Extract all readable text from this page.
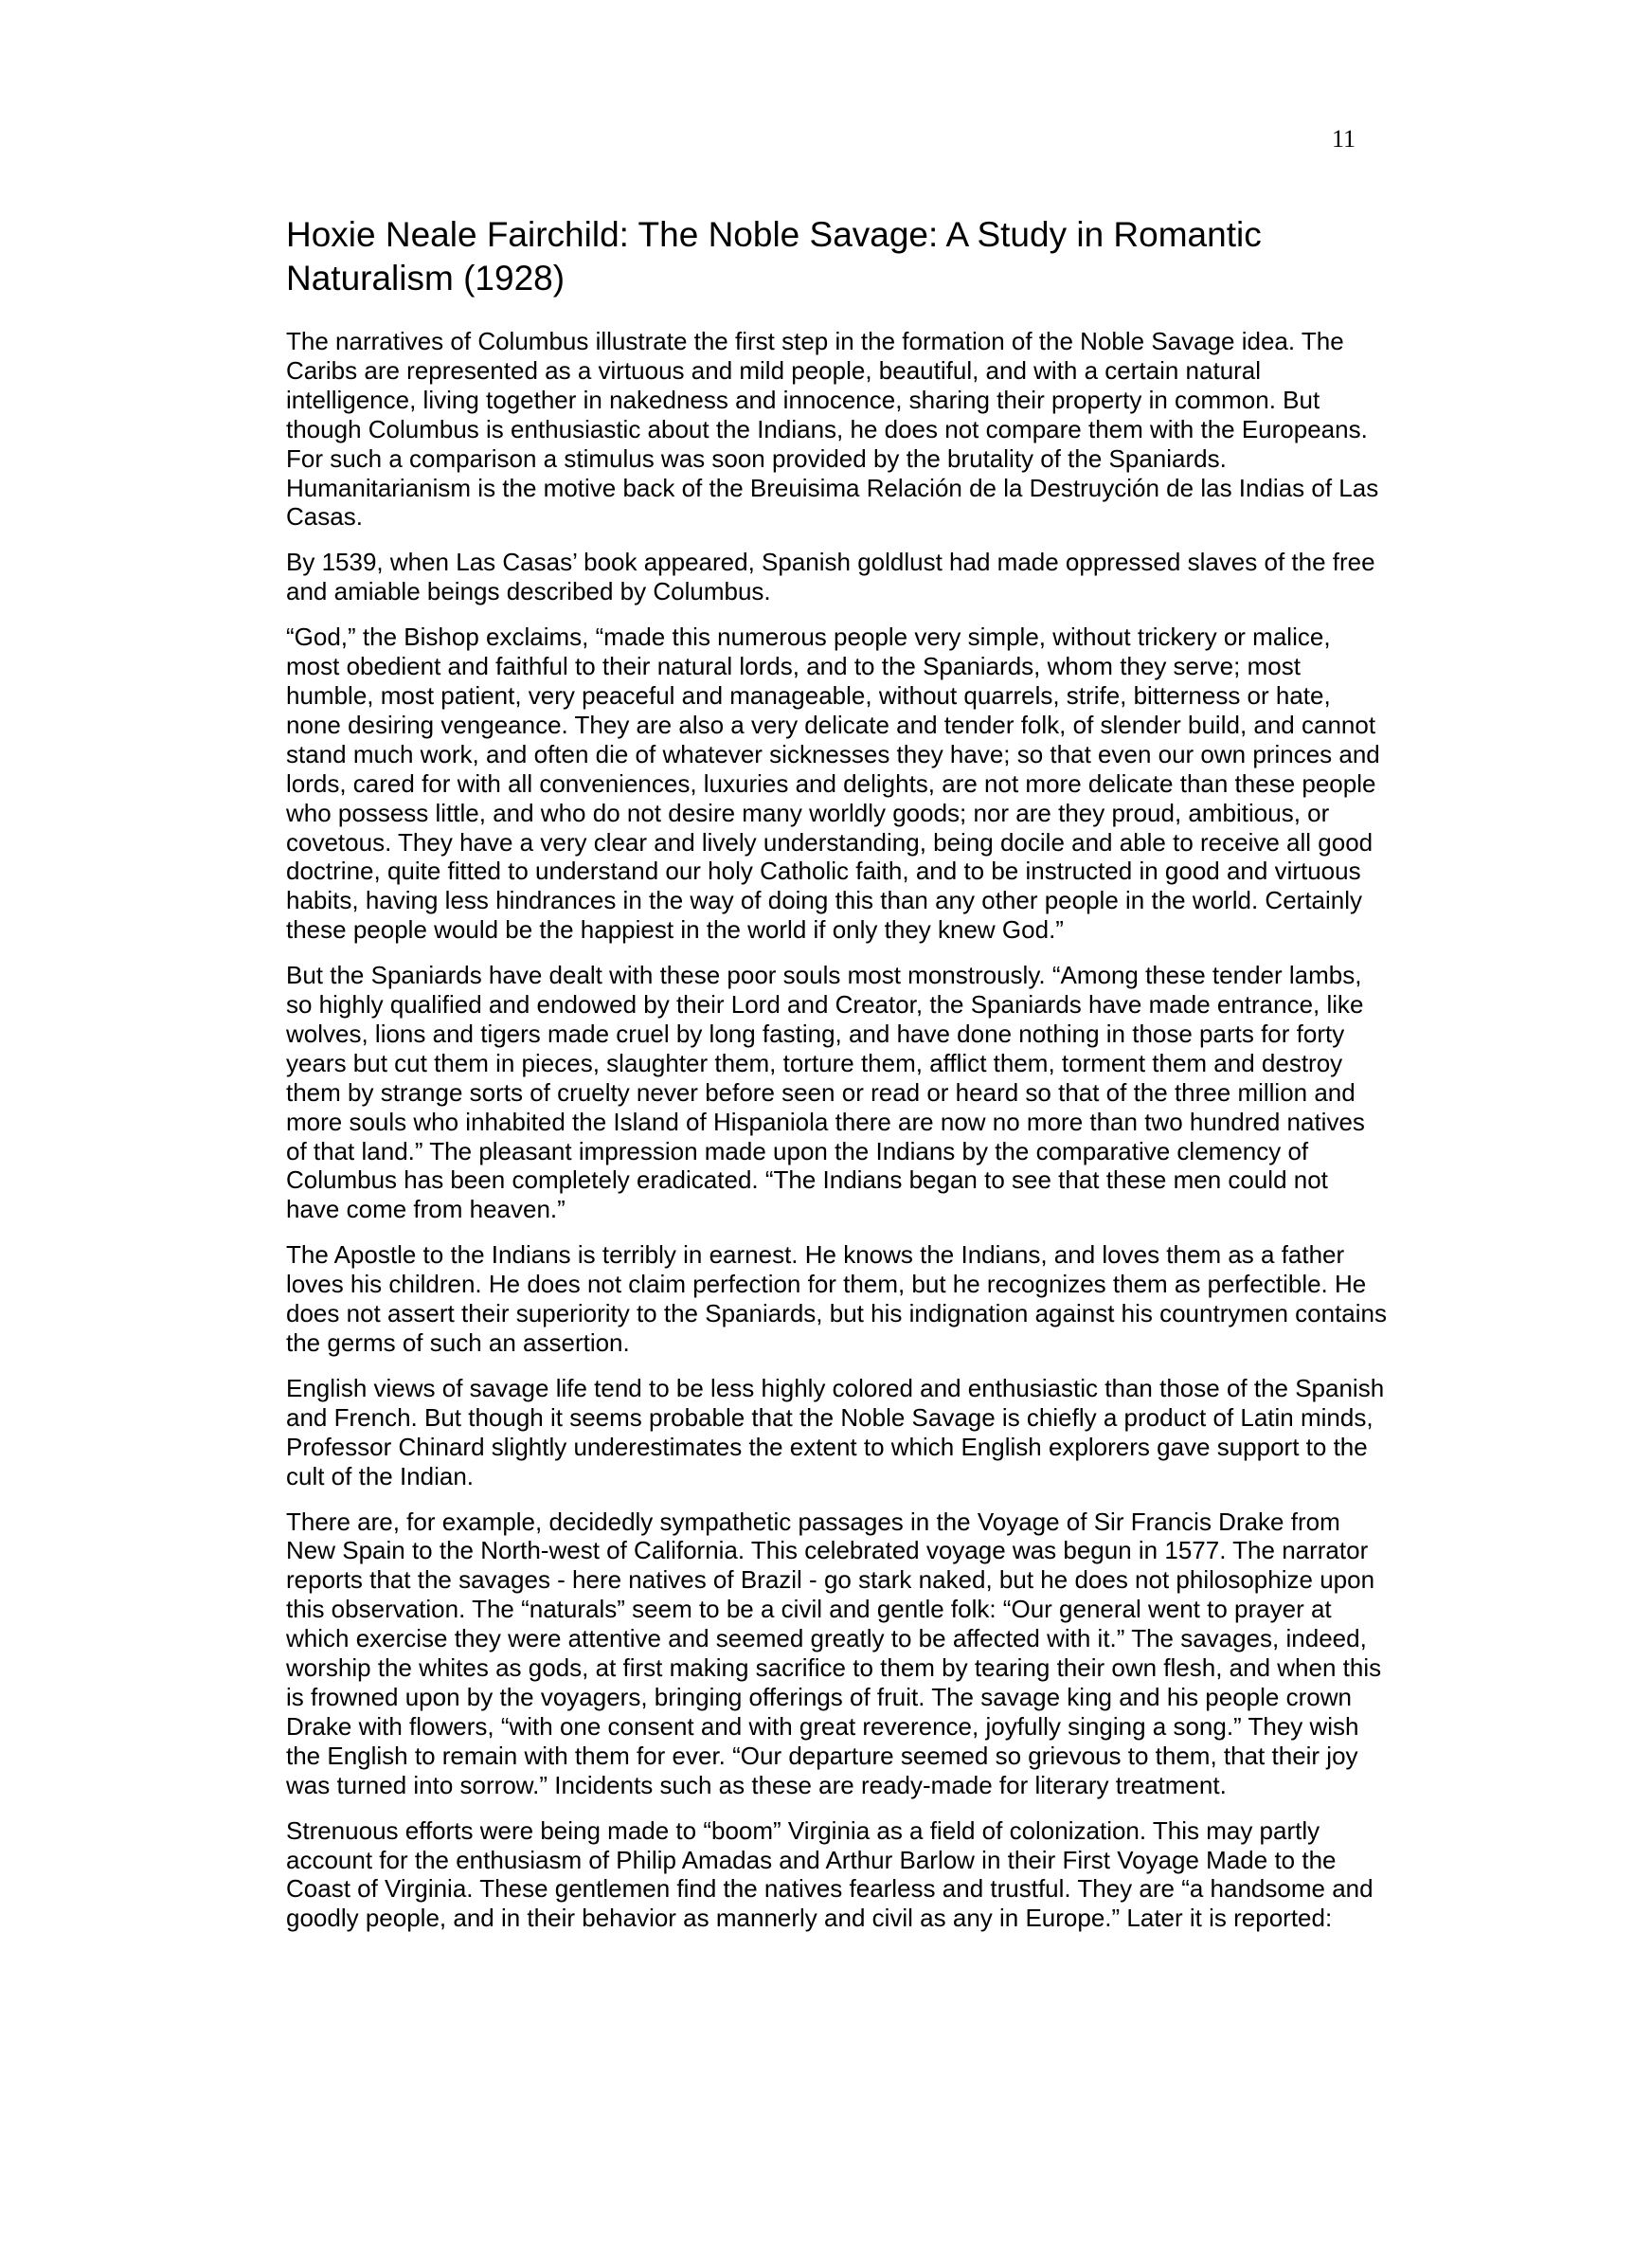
11
Hoxie Neale Fairchild: The Noble Savage: A Study in Romantic Naturalism (1928)

The narratives of Columbus illustrate the first step in the formation of the Noble Savage idea. The Caribs are represented as a virtuous and mild people, beautiful, and with a certain natural intelligence, living together in nakedness and innocence, sharing their property in common. But though Columbus is enthusiastic about the Indians, he does not compare them with the Europeans. For such a comparison a stimulus was soon provided by the brutality of the Spaniards. Humanitarianism is the motive back of the Breuisima Relación de la Destruyción de las Indias of Las Casas.

By 1539, when Las Casas’ book appeared, Spanish goldlust had made oppressed slaves of the free and amiable beings described by Columbus.

“God,” the Bishop exclaims, “made this numerous people very simple, without trickery or malice, most obedient and faithful to their natural lords, and to the Spaniards, whom they serve; most humble, most patient, very peaceful and manageable, without quarrels, strife, bitterness or hate, none desiring vengeance. They are also a very delicate and tender folk, of slender build, and cannot stand much work, and often die of whatever sicknesses they have; so that even our own princes and lords, cared for with all conveniences, luxuries and delights, are not more delicate than these people who possess little, and who do not desire many worldly goods; nor are they proud, ambitious, or covetous. They have a very clear and lively understanding, being docile and able to receive all good doctrine, quite fitted to understand our holy Catholic faith, and to be instructed in good and virtuous habits, having less hindrances in the way of doing this than any other people in the world. Certainly these people would be the happiest in the world if only they knew God.”

But the Spaniards have dealt with these poor souls most monstrously. “Among these tender lambs, so highly qualified and endowed by their Lord and Creator, the Spaniards have made entrance, like wolves, lions and tigers made cruel by long fasting, and have done nothing in those parts for forty years but cut them in pieces, slaughter them, torture them, afflict them, torment them and destroy them by strange sorts of cruelty never before seen or read or heard so that of the three million and more souls who inhabited the Island of Hispaniola there are now no more than two hundred natives of that land.” The pleasant impression made upon the Indians by the comparative clemency of Columbus has been completely eradicated. “The Indians began to see that these men could not have come from heaven.”

The Apostle to the Indians is terribly in earnest. He knows the Indians, and loves them as a father loves his children. He does not claim perfection for them, but he recognizes them as perfectible. He does not assert their superiority to the Spaniards, but his indignation against his countrymen contains the germs of such an assertion.

English views of savage life tend to be less highly colored and enthusiastic than those of the Spanish and French. But though it seems probable that the Noble Savage is chiefly a product of Latin minds, Professor Chinard slightly underestimates the extent to which English explorers gave support to the cult of the Indian.

There are, for example, decidedly sympathetic passages in the Voyage of Sir Francis Drake from New Spain to the North-west of California. This celebrated voyage was begun in 1577. The narrator reports that the savages - here natives of Brazil - go stark naked, but he does not philosophize upon this observation. The “naturals” seem to be a civil and gentle folk: “Our general went to prayer at which exercise they were attentive and seemed greatly to be affected with it.” The savages, indeed, worship the whites as gods, at first making sacrifice to them by tearing their own flesh, and when this is frowned upon by the voyagers, bringing offerings of fruit. The savage king and his people crown Drake with flowers, “with one consent and with great reverence, joyfully singing a song.” They wish the English to remain with them for ever. “Our departure seemed so grievous to them, that their joy was turned into sorrow.” Incidents such as these are ready-made for literary treatment.

Strenuous efforts were being made to “boom” Virginia as a field of colonization. This may partly account for the enthusiasm of Philip Amadas and Arthur Barlow in their First Voyage Made to the Coast of Virginia. These gentlemen find the natives fearless and trustful. They are “a handsome and goodly people, and in their behavior as mannerly and civil as any in Europe.” Later it is reported:
